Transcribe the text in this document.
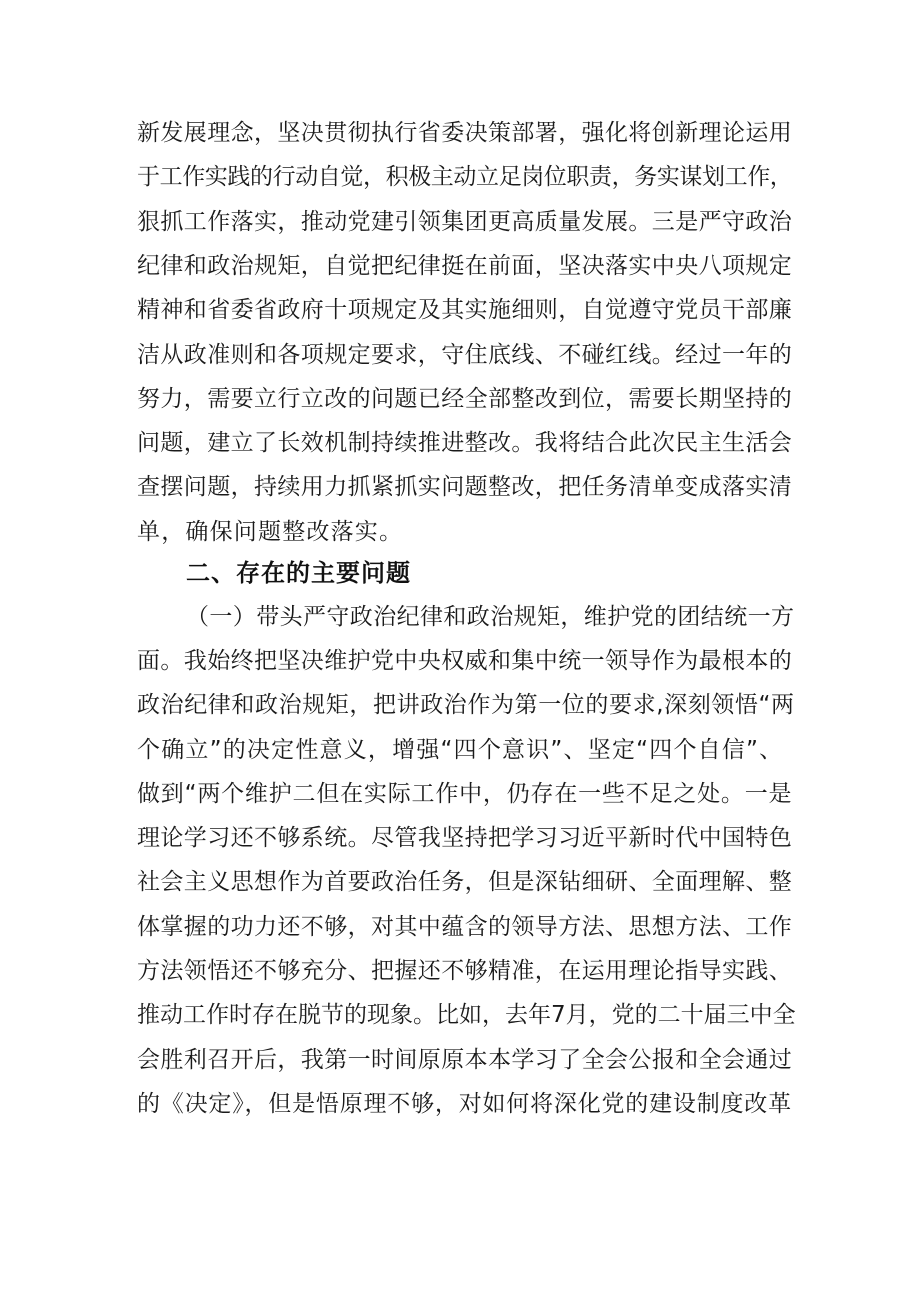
新发展理念，坚决贯彻执行省委决策部署，强化将创新理论运用
于工作实践的行动自觉，积极主动立足岗位职责，务实谋划工作，
狠抓工作落实，推动党建引领集团更高质量发展。三是严守政治
纪律和政治规矩，自觉把纪律挺在前面，坚决落实中央八项规定
精神和省委省政府十项规定及其实施细则，自觉遵守党员干部廉
洁从政准则和各项规定要求，守住底线、不碰红线。经过一年的
努力，需要立行立改的问题已经全部整改到位，需要长期坚持的
问题，建立了长效机制持续推进整改。我将结合此次民主生活会
查摆问题，持续用力抓紧抓实问题整改，把任务清单变成落实清
单，确保问题整改落实。
二、存在的主要问题
（一）带头严守政治纪律和政治规矩，维护党的团结统一方
面。我始终把坚决维护党中央权威和集中统一领导作为最根本的
政治纪律和政治规矩，把讲政治作为第一位的要求,深刻领悟“两
个确立”的决定性意义，增强“四个意识”、坚定“四个自信”、
做到“两个维护二但在实际工作中，仍存在一些不足之处。一是
理论学习还不够系统。尽管我坚持把学习习近平新时代中国特色
社会主义思想作为首要政治任务，但是深钻细研、全面理解、整
体掌握的功力还不够，对其中蕴含的领导方法、思想方法、工作
方法领悟还不够充分、把握还不够精准，在运用理论指导实践、
推动工作时存在脱节的现象。比如，去年7月，党的二十届三中全
会胜利召开后，我第一时间原原本本学习了全会公报和全会通过
的《决定》，但是悟原理不够，对如何将深化党的建设制度改革
